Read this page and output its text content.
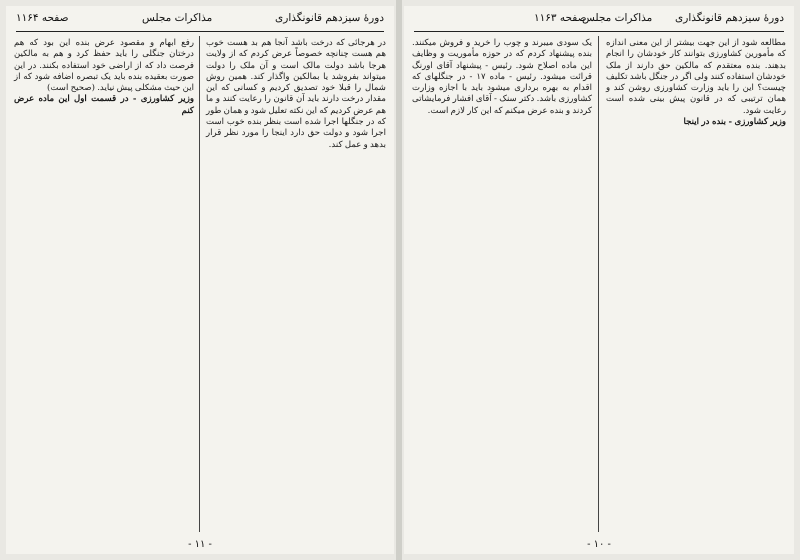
صفحه ۱۱۶۴	مذاکرات مجلس	دورهٔ سیزدهم قانونگذاری
در هرجائی که درخت باشد آنجا هم بد هست خوب هم هست چنانچه خصوصاً عرض کردم که از ولایت هرجا باشد دولت مالک است و آن ملک را دولت میتواند بفروشد یا بمالکین واگذار کند. همین روش شمال را قبلا خود تصدیق کردیم و کسانی که این مقدار درخت دارند باید آن قانون را رعایت کنند و ما هم عرض کردیم که این نکته تعلیل شود و همان طور که در جنگلها اجرا شده است بنظر بنده خوب است اجرا شود و دولت حق دارد اینجا را مورد نظر قرار بدهد و عمل کند.
رفع ابهام و مقصود عرض بنده این بود که هم درختان جنگلی را باید حفظ کرد و هم به مالکین فرصت داد که از اراضی خود استفاده بکنند. در این صورت بعقیده بنده باید یک تبصره اضافه شود که از این حیث مشکلی پیش نیاید. (صحیح است)
وزیر کشاورزی - در قسمت اول این ماده عرض کنم
- ۱۱ -
صفحه ۱۱۶۳
مذاکرات مجلس دورهٔ سیزدهم قانونگذاری
مطالعه شود از این جهت بیشتر از این معنی اندازه که مأمورین کشاورزی بتوانند کار خودشان را انجام بدهند. بنده معتقدم که مالکین حق دارند از ملک خودشان استفاده کنند ولی اگر در جنگل باشد تکلیف چیست؟ این را باید وزارت کشاورزی روشن کند و همان ترتیبی که در قانون پیش بینی شده است رعایت شود.
وزیر کشاورزی - بنده در اینجا
یک سودی میبرند و چوب را خرید و فروش میکنند. بنده پیشنهاد کردم که در حوزه مأموریت و وظایف این ماده اصلاح شود. رئیس - پیشنهاد آقای اورنگ قرائت میشود. رئیس - ماده ۱۷ - در جنگلهای که اقدام به بهره برداری میشود باید با اجازه وزارت کشاورزی باشد. دکتر سنک - آقای افشار فرمایشاتی کردند و بنده عرض میکنم که این کار لازم است.
- ۱۰ -
